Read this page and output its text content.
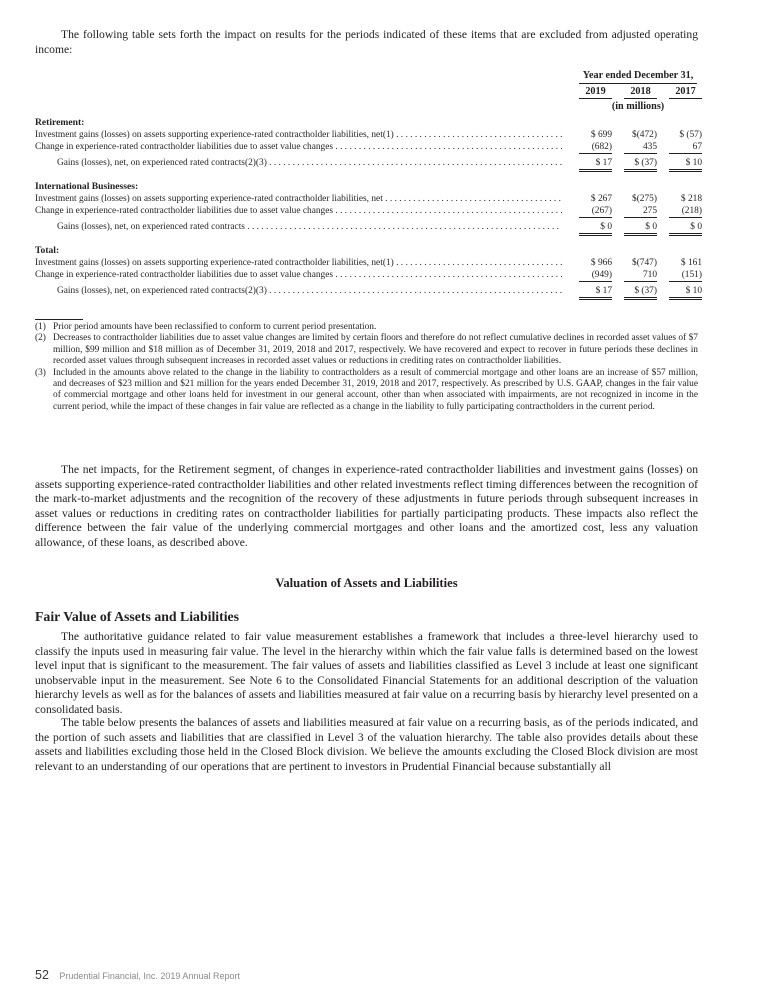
The following table sets forth the impact on results for the periods indicated of these items that are excluded from adjusted operating income:

Year ended December 31,
2019	2018	2017
(in millions)
Retirement:
Investment gains (losses) on assets supporting experience-rated contractholder liabilities, net(1) . . .	$ 699	$(472)	$ (57)
Change in experience-rated contractholder liabilities due to asset value changes . . .	(682)	435	67
Gains (losses), net, on experienced rated contracts(2)(3) . . .	$ 17	$ (37)	$ 10
International Businesses:
Investment gains (losses) on assets supporting experience-rated contractholder liabilities, net . . .	$ 267	$(275)	$ 218
Change in experience-rated contractholder liabilities due to asset value changes . . .	(267)	275	(218)
Gains (losses), net, on experienced rated contracts . . .	$ 0	$ 0	$ 0
Total:
Investment gains (losses) on assets supporting experience-rated contractholder liabilities, net(1) . . .	$ 966	$(747)	$ 161
Change in experience-rated contractholder liabilities due to asset value changes . . .	(949)	710	(151)
Gains (losses), net, on experienced rated contracts(2)(3) . . .	$ 17	$ (37)	$ 10
(1) Prior period amounts have been reclassified to conform to current period presentation.
(2) Decreases to contractholder liabilities due to asset value changes are limited by certain floors and therefore do not reflect cumulative declines in recorded asset values of $7 million, $99 million and $18 million as of December 31, 2019, 2018 and 2017, respectively. We have recovered and expect to recover in future periods these declines in recorded asset values through subsequent increases in recorded asset values or reductions in crediting rates on contractholder liabilities.
(3) Included in the amounts above related to the change in the liability to contractholders as a result of commercial mortgage and other loans are an increase of $57 million, and decreases of $23 million and $21 million for the years ended December 31, 2019, 2018 and 2017, respectively. As prescribed by U.S. GAAP, changes in the fair value of commercial mortgage and other loans held for investment in our general account, other than when associated with impairments, are not recognized in income in the current period, while the impact of these changes in fair value are reflected as a change in the liability to fully participating contractholders in the current period.

The net impacts, for the Retirement segment, of changes in experience-rated contractholder liabilities and investment gains (losses) on assets supporting experience-rated contractholder liabilities and other related investments reflect timing differences between the recognition of the mark-to-market adjustments and the recognition of the recovery of these adjustments in future periods through subsequent increases in asset values or reductions in crediting rates on contractholder liabilities for partially participating products. These impacts also reflect the difference between the fair value of the underlying commercial mortgages and other loans and the amortized cost, less any valuation allowance, of these loans, as described above.

Valuation of Assets and Liabilities
Fair Value of Assets and Liabilities

The authoritative guidance related to fair value measurement establishes a framework that includes a three-level hierarchy used to classify the inputs used in measuring fair value. The level in the hierarchy within which the fair value falls is determined based on the lowest level input that is significant to the measurement. The fair values of assets and liabilities classified as Level 3 include at least one significant unobservable input in the measurement. See Note 6 to the Consolidated Financial Statements for an additional description of the valuation hierarchy levels as well as for the balances of assets and liabilities measured at fair value on a recurring basis by hierarchy level presented on a consolidated basis.

The table below presents the balances of assets and liabilities measured at fair value on a recurring basis, as of the periods indicated, and the portion of such assets and liabilities that are classified in Level 3 of the valuation hierarchy. The table also provides details about these assets and liabilities excluding those held in the Closed Block division. We believe the amounts excluding the Closed Block division are most relevant to an understanding of our operations that are pertinent to investors in Prudential Financial because substantially all

52 Prudential Financial, Inc. 2019 Annual Report
